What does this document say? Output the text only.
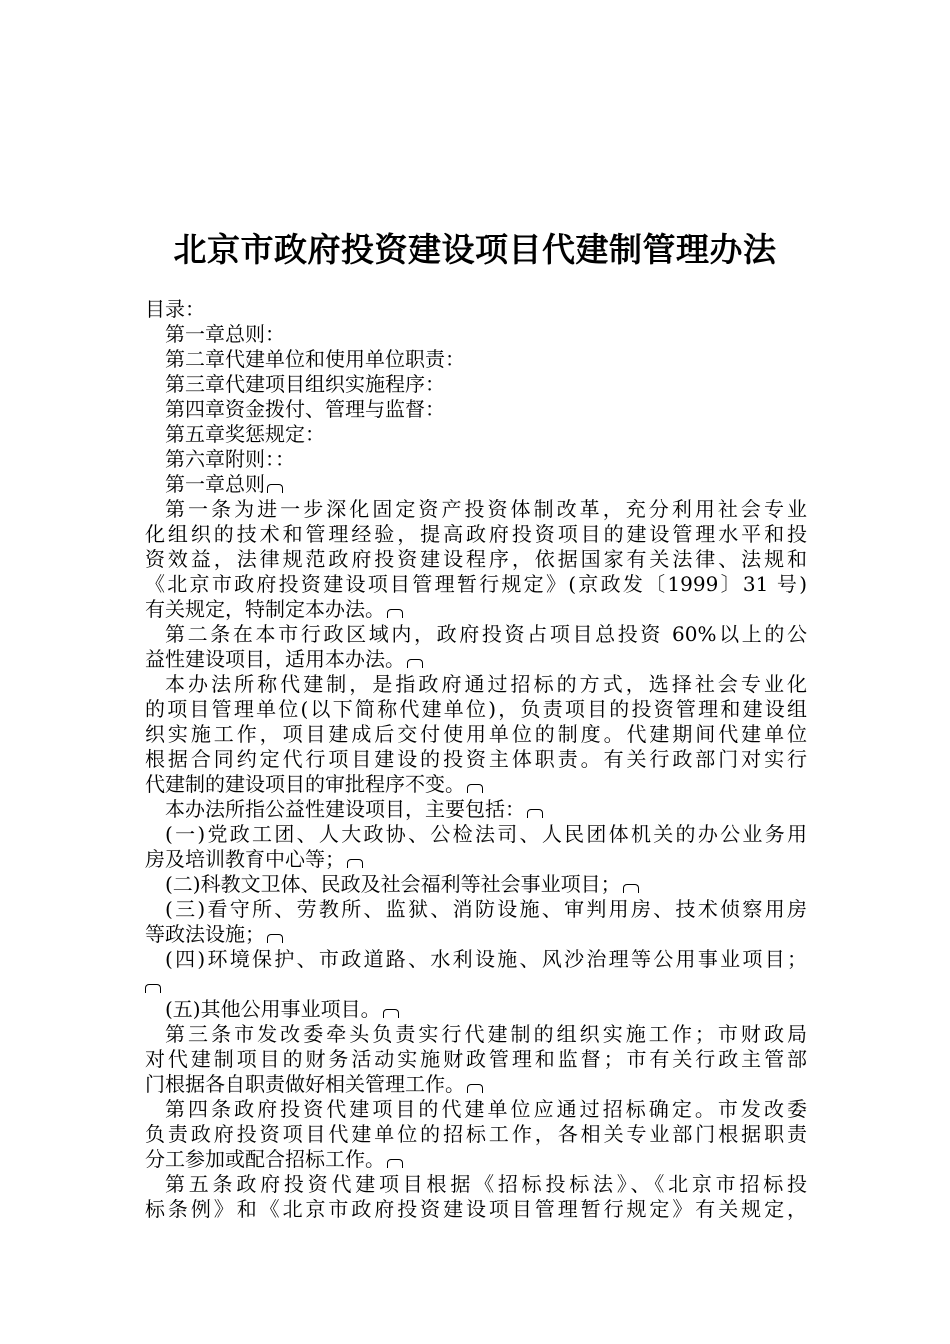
北京市政府投资建设项目代建制管理办法
目录：
第一章总则：
第二章代建单位和使用单位职责：
第三章代建项目组织实施程序：
第四章资金拨付、管理与监督：
第五章奖惩规定：
第六章附则：：
第一章总则
第一条为进一步深化固定资产投资体制改革，充分利用社会专业
化组织的技术和管理经验，提高政府投资项目的建设管理水平和投
资效益，法律规范政府投资建设程序，依据国家有关法律、法规和
《北京市政府投资建设项目管理暂行规定》(京政发〔1999〕31 号)
有关规定，特制定本办法。
第二条在本市行政区域内，政府投资占项目总投资 60%以上的公
益性建设项目，适用本办法。
本办法所称代建制，是指政府通过招标的方式，选择社会专业化
的项目管理单位(以下简称代建单位)，负责项目的投资管理和建设组
织实施工作，项目建成后交付使用单位的制度。代建期间代建单位
根据合同约定代行项目建设的投资主体职责。有关行政部门对实行
代建制的建设项目的审批程序不变。
本办法所指公益性建设项目，主要包括：
(一)党政工团、人大政协、公检法司、人民团体机关的办公业务用
房及培训教育中心等；
(二)科教文卫体、民政及社会福利等社会事业项目；
(三)看守所、劳教所、监狱、消防设施、审判用房、技术侦察用房
等政法设施；
(四)环境保护、市政道路、水利设施、风沙治理等公用事业项目；
(五)其他公用事业项目。
第三条市发改委牵头负责实行代建制的组织实施工作；市财政局
对代建制项目的财务活动实施财政管理和监督；市有关行政主管部
门根据各自职责做好相关管理工作。
第四条政府投资代建项目的代建单位应通过招标确定。市发改委
负责政府投资项目代建单位的招标工作，各相关专业部门根据职责
分工参加或配合招标工作。
第五条政府投资代建项目根据《招标投标法》、《北京市招标投
标条例》和《北京市政府投资建设项目管理暂行规定》有关规定，
